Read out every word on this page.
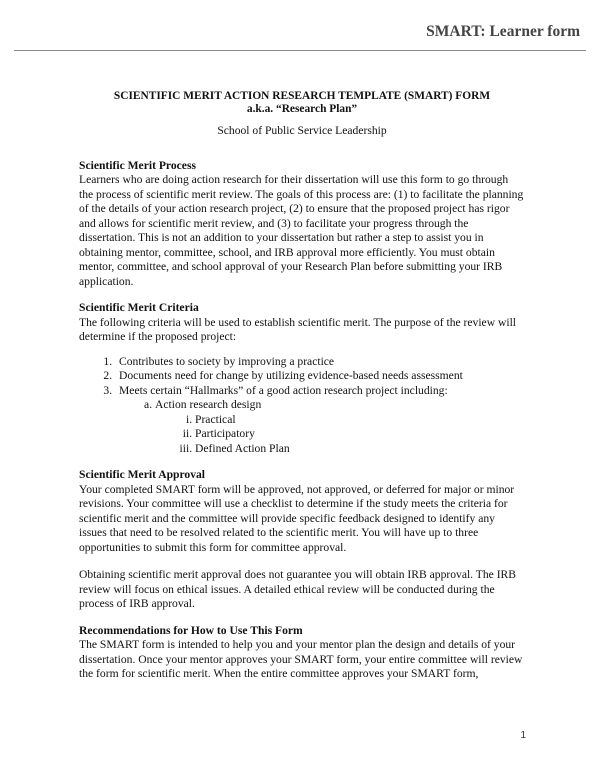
SMART: Learner form
SCIENTIFIC MERIT ACTION RESEARCH TEMPLATE (SMART) FORM
a.k.a. “Research Plan”
School of Public Service Leadership
Scientific Merit Process

Learners who are doing action research for their dissertation will use this form to go through the process of scientific merit review. The goals of this process are: (1) to facilitate the planning of the details of your action research project, (2) to ensure that the proposed project has rigor and allows for scientific merit review, and (3) to facilitate your progress through the dissertation. This is not an addition to your dissertation but rather a step to assist you in obtaining mentor, committee, school, and IRB approval more efficiently. You must obtain mentor, committee, and school approval of your Research Plan before submitting your IRB application.

Scientific Merit Criteria

The following criteria will be used to establish scientific merit. The purpose of the review will determine if the proposed project:

1. Contributes to society by improving a practice
2. Documents need for change by utilizing evidence-based needs assessment
3. Meets certain “Hallmarks” of a good action research project including:
a. Action research design
i. Practical
ii. Participatory
iii. Defined Action Plan
Scientific Merit Approval

Your completed SMART form will be approved, not approved, or deferred for major or minor revisions. Your committee will use a checklist to determine if the study meets the criteria for scientific merit and the committee will provide specific feedback designed to identify any issues that need to be resolved related to the scientific merit. You will have up to three opportunities to submit this form for committee approval.

Obtaining scientific merit approval does not guarantee you will obtain IRB approval. The IRB review will focus on ethical issues. A detailed ethical review will be conducted during the process of IRB approval.

Recommendations for How to Use This Form

The SMART form is intended to help you and your mentor plan the design and details of your dissertation. Once your mentor approves your SMART form, your entire committee will review the form for scientific merit. When the entire committee approves your SMART form,

1
